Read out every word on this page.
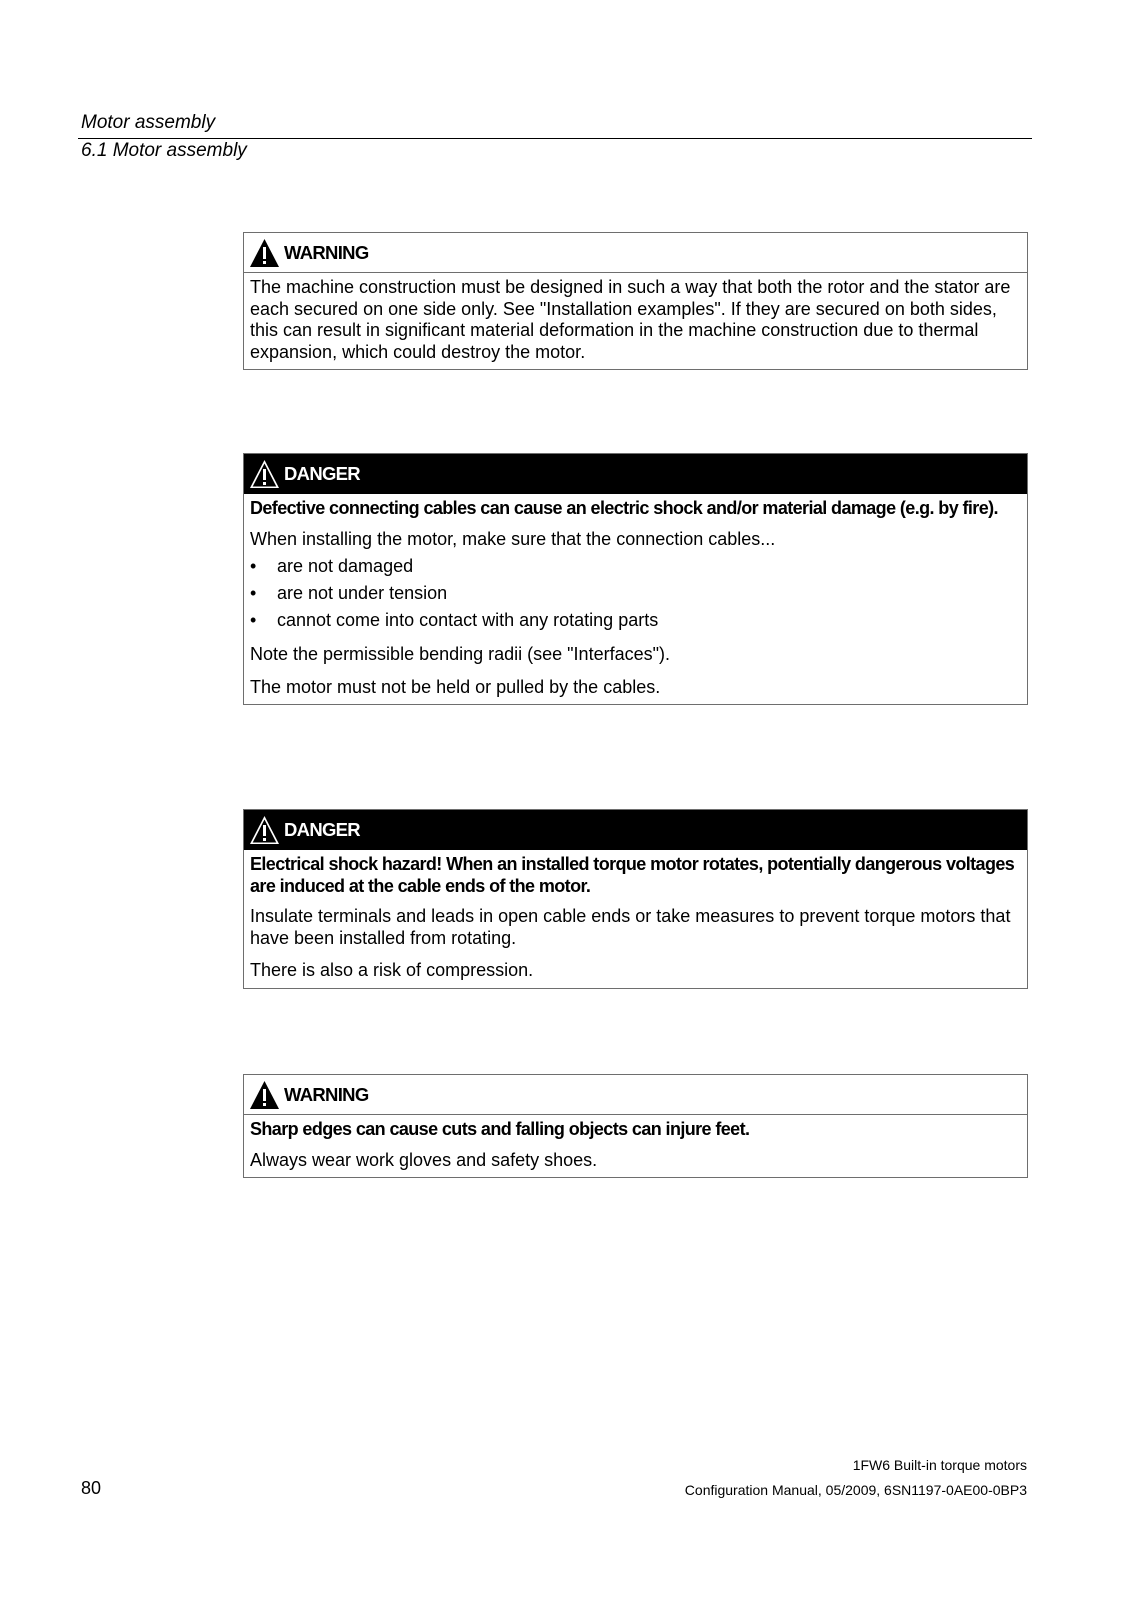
Motor assembly
6.1 Motor assembly
WARNING
The machine construction must be designed in such a way that both the rotor and the stator are each secured on one side only. See "Installation examples". If they are secured on both sides, this can result in significant material deformation in the machine construction due to thermal expansion, which could destroy the motor.
DANGER
Defective connecting cables can cause an electric shock and/or material damage (e.g. by fire).
When installing the motor, make sure that the connection cables...
• are not damaged
• are not under tension
• cannot come into contact with any rotating parts
Note the permissible bending radii (see "Interfaces").
The motor must not be held or pulled by the cables.
DANGER
Electrical shock hazard! When an installed torque motor rotates, potentially dangerous voltages are induced at the cable ends of the motor.
Insulate terminals and leads in open cable ends or take measures to prevent torque motors that have been installed from rotating.
There is also a risk of compression.
WARNING
Sharp edges can cause cuts and falling objects can injure feet.
Always wear work gloves and safety shoes.
1FW6 Built-in torque motors
80	Configuration Manual, 05/2009, 6SN1197-0AE00-0BP3
